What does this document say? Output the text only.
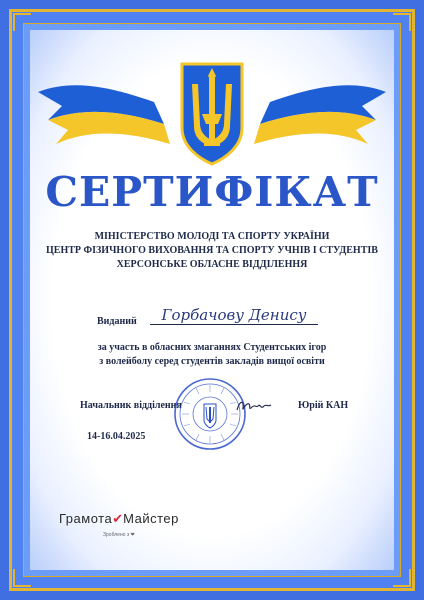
СЕРТИФІКАТ
МІНІСТЕРСТВО МОЛОДІ ТА СПОРТУ УКРАЇНИ
ЦЕНТР ФІЗИЧНОГО ВИХОВАННЯ ТА СПОРТУ УЧНІВ І СТУДЕНТІВ
ХЕРСОНСЬКЕ ОБЛАСНЕ ВІДДІЛЕННЯ
Виданий	Горбачову Денису
за участь в обласних змаганнях Студентських ігор
з волейболу серед студентів закладів вищої освіти
Начальник відділення	Юрій КАН
14-16.04.2025
Грамота✔Майстер
Зроблено з ❤
